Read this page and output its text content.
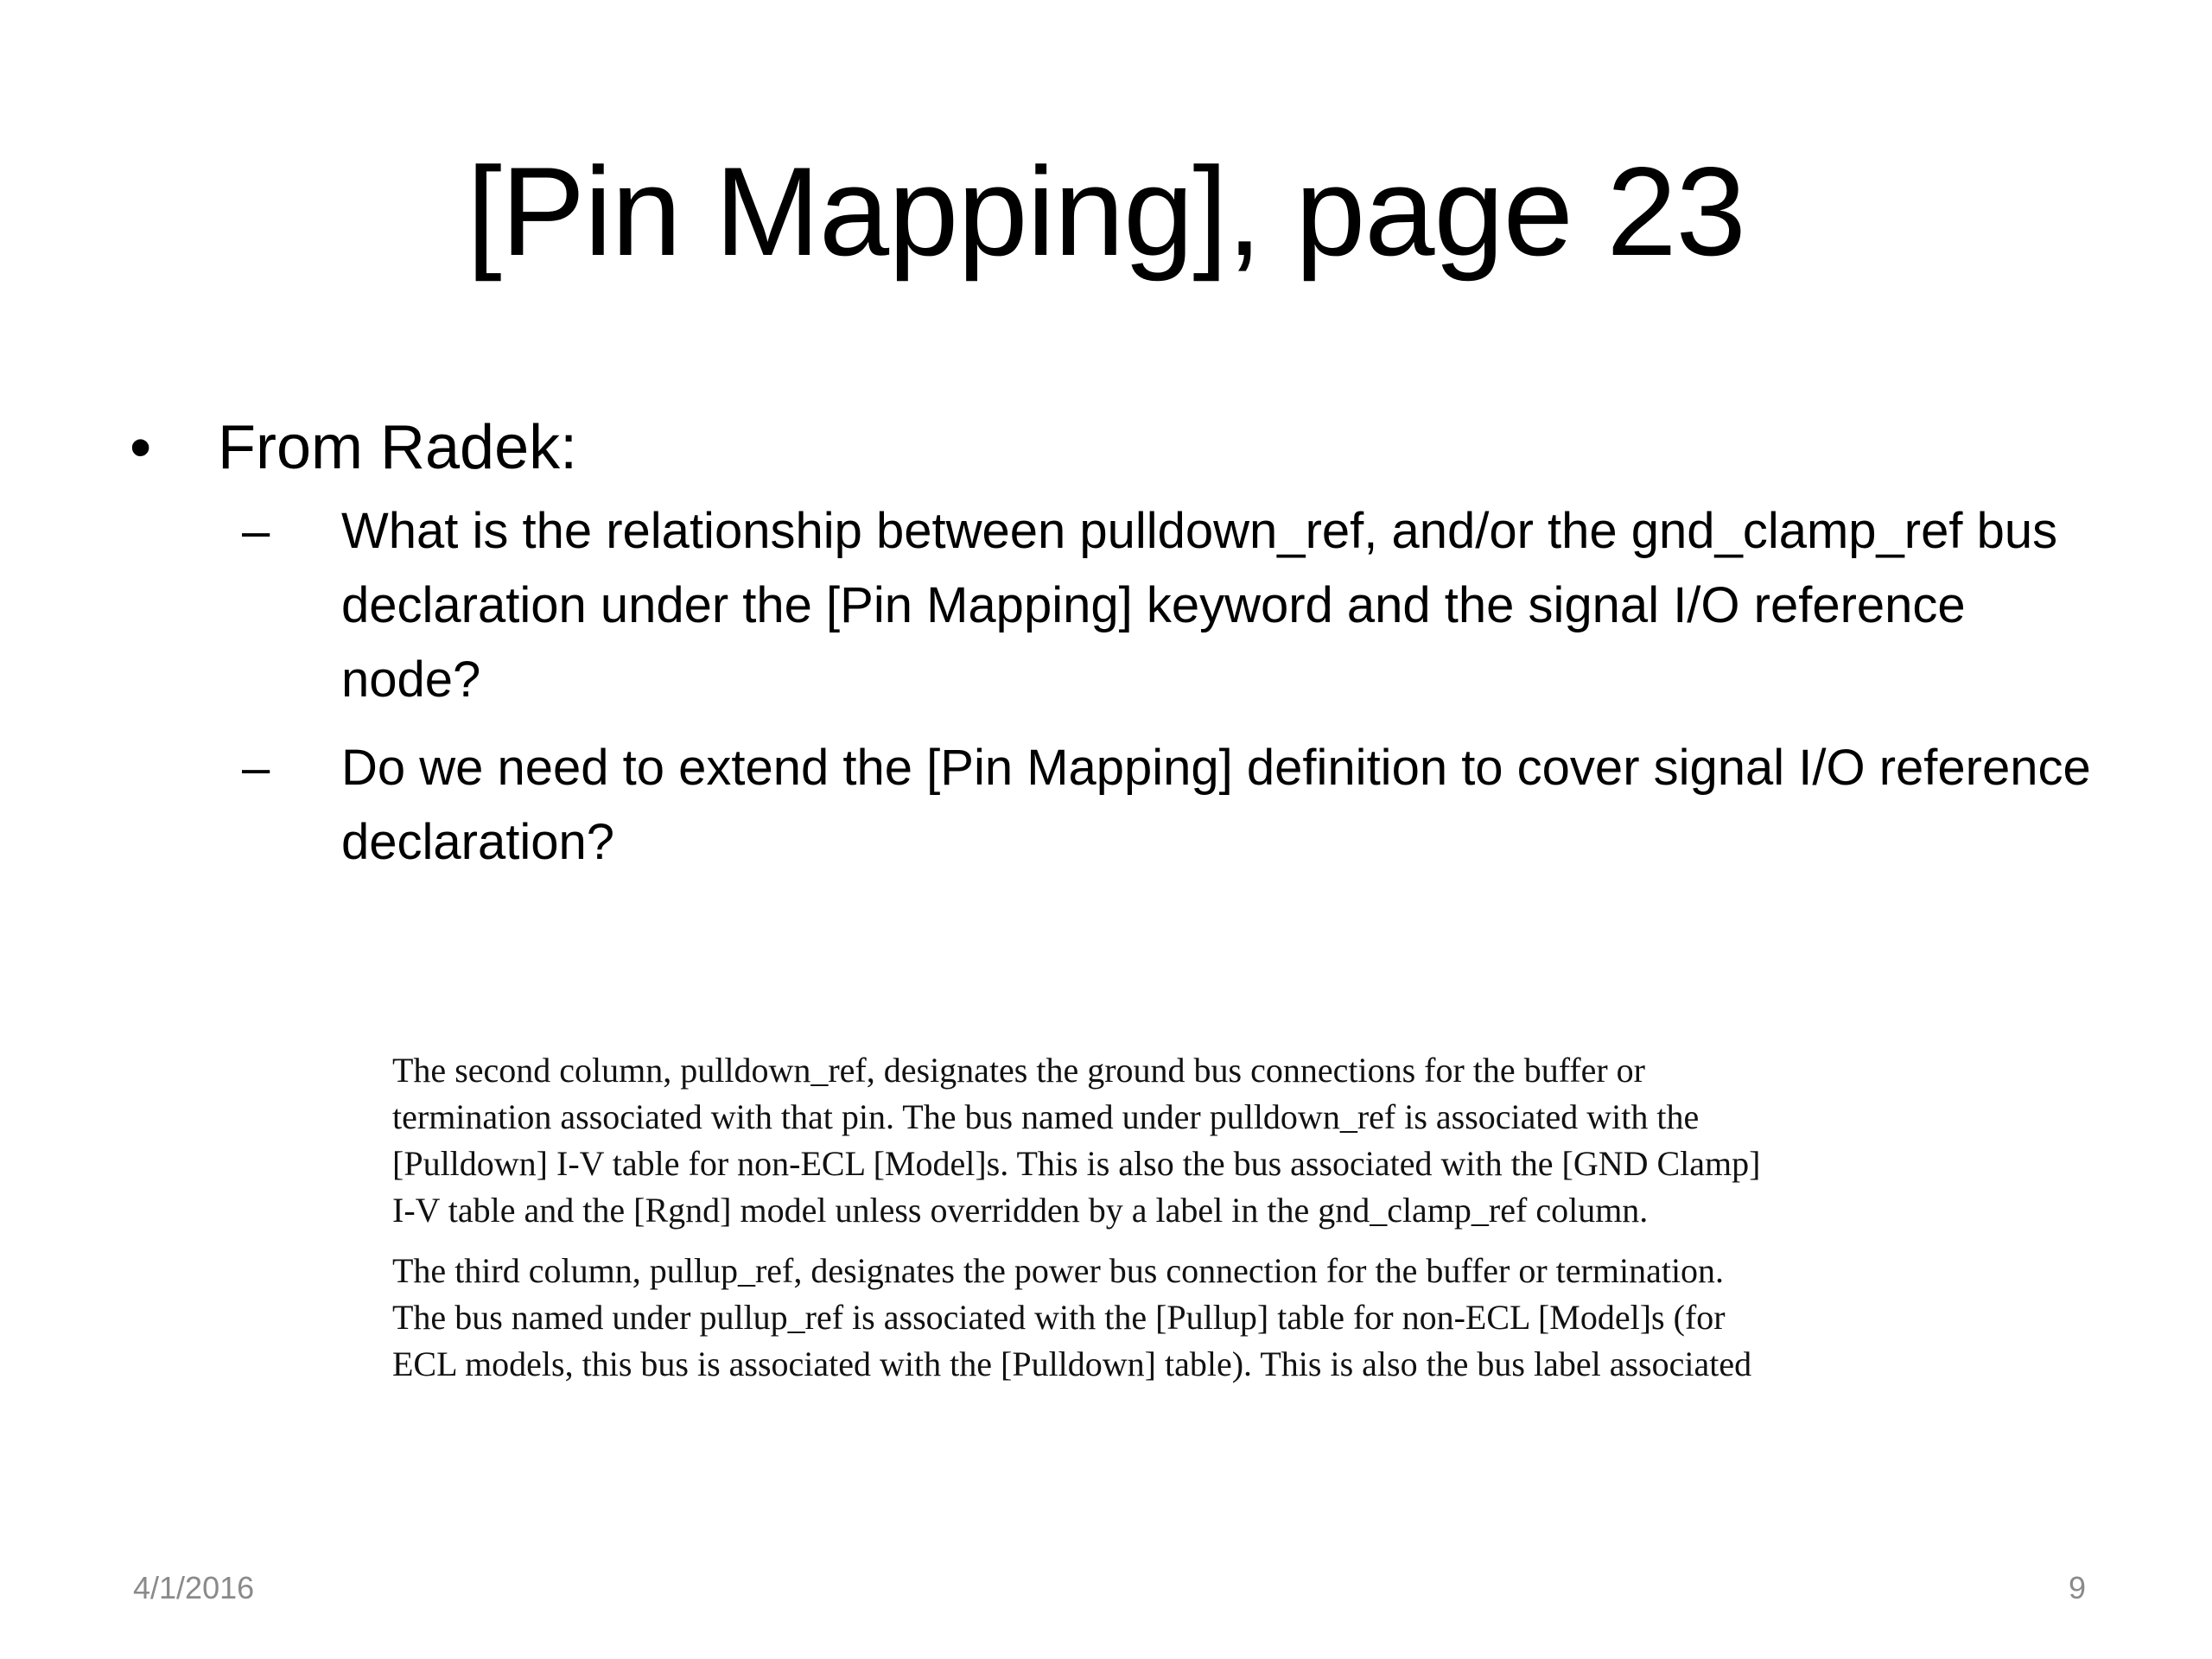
[Pin Mapping], page 23
• From Radek:
– What is the relationship between pulldown_ref, and/or the gnd_clamp_ref bus declaration under the [Pin Mapping] keyword and the signal I/O reference node?
– Do we need to extend the [Pin Mapping] definition to cover signal I/O reference declaration?
The second column, pulldown_ref, designates the ground bus connections for the buffer or
termination associated with that pin. The bus named under pulldown_ref is associated with the
[Pulldown] I-V table for non-ECL [Model]s. This is also the bus associated with the [GND Clamp]
I-V table and the [Rgnd] model unless overridden by a label in the gnd_clamp_ref column.
The third column, pullup_ref, designates the power bus connection for the buffer or termination.
The bus named under pullup_ref is associated with the [Pullup] table for non-ECL [Model]s (for
ECL models, this bus is associated with the [Pulldown] table). This is also the bus label associated
4/1/2016	9
